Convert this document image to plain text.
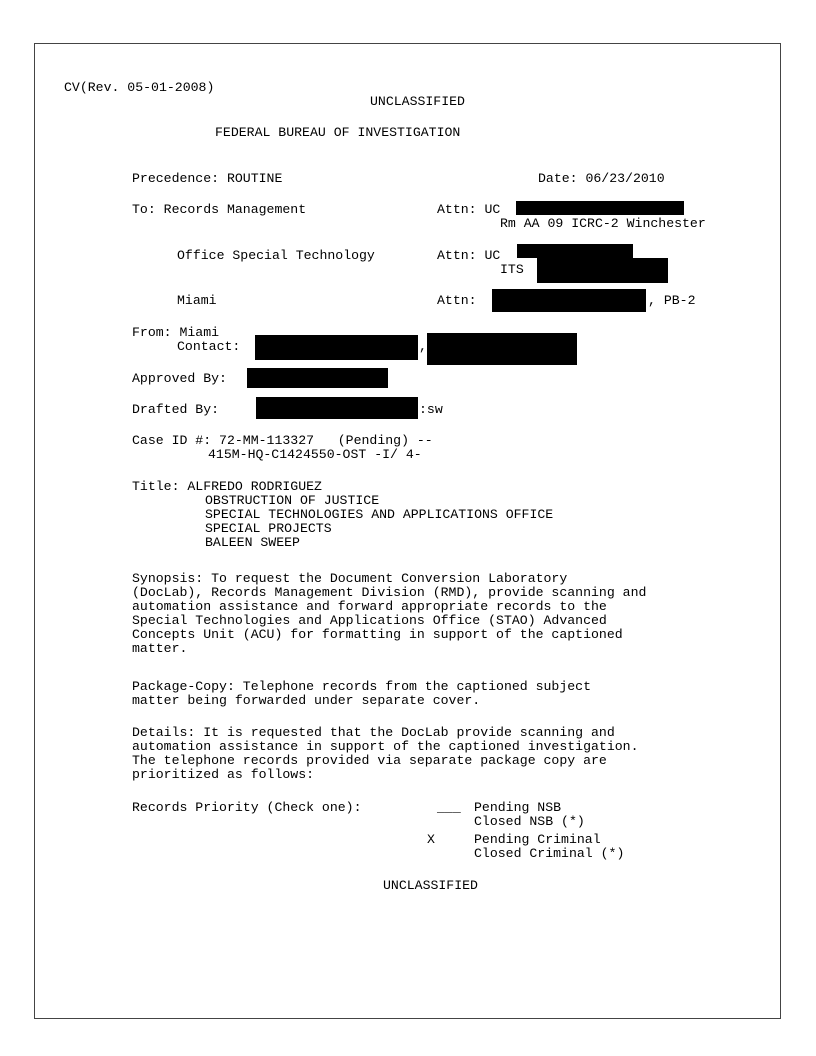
CV(Rev. 05-01-2008)

UNCLASSIFIED

FEDERAL BUREAU OF INVESTIGATION

Precedence: ROUTINE	Date: 06/23/2010

To: Records Management	Attn: UC

Rm AA 09 ICRC-2 Winchester

Office Special Technology	Attn: UC

ITS

Miami	Attn:	, PB-2

From: Miami

Contact:	,

Approved By:

Drafted By:	:sw

Case ID #: 72-MM-113327   (Pending) --

415M-HQ-C1424550-OST -I/ 4-

Title: ALFREDO RODRIGUEZ

OBSTRUCTION OF JUSTICE

SPECIAL TECHNOLOGIES AND APPLICATIONS OFFICE

SPECIAL PROJECTS

BALEEN SWEEP

Synopsis: To request the Document Conversion Laboratory

(DocLab), Records Management Division (RMD), provide scanning and

automation assistance and forward appropriate records to the

Special Technologies and Applications Office (STAO) Advanced

Concepts Unit (ACU) for formatting in support of the captioned

matter.

Package-Copy: Telephone records from the captioned subject

matter being forwarded under separate cover.

Details: It is requested that the DocLab provide scanning and

automation assistance in support of the captioned investigation.

The telephone records provided via separate package copy are

prioritized as follows:

Records Priority (Check one):	___ Pending NSB

Closed NSB (*)

X	Pending Criminal

Closed Criminal (*)

UNCLASSIFIED
